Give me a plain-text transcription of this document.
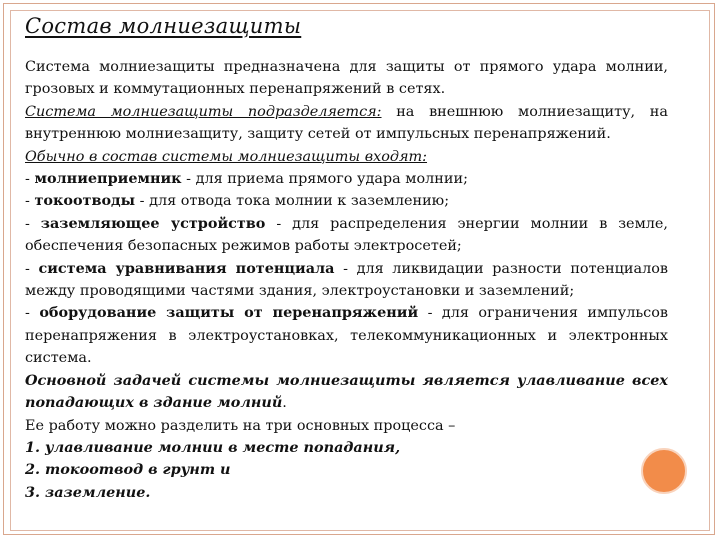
Состав молниезащиты

Система молниезащиты предназначена для защиты от прямого удара молнии, грозовых и коммутационных перенапряжений в сетях.

Система молниезащиты подразделяется: на внешнюю молниезащиту, на внутреннюю молниезащиту, защиту сетей от импульсных перенапряжений.

Обычно в состав системы молниезащиты входят:

- молниеприемник - для приема прямого удара молнии;

- токоотводы - для отвода тока молнии к заземлению;

- заземляющее устройство - для распределения энергии молнии в земле, обеспечения безопасных режимов работы электросетей;

- система уравнивания потенциала - для ликвидации разности потенциалов между проводящими частями здания, электроустановки и заземлений;

- оборудование защиты от перенапряжений - для ограничения импульсов перенапряжения в электроустановках, телекоммуникационных и электронных система.

Основной задачей системы молниезащиты является улавливание всех попадающих в здание молний.

Ее работу можно разделить на три основных процесса –

1. улавливание молнии в месте попадания,

2. токоотвод в грунт и

3. заземление.
